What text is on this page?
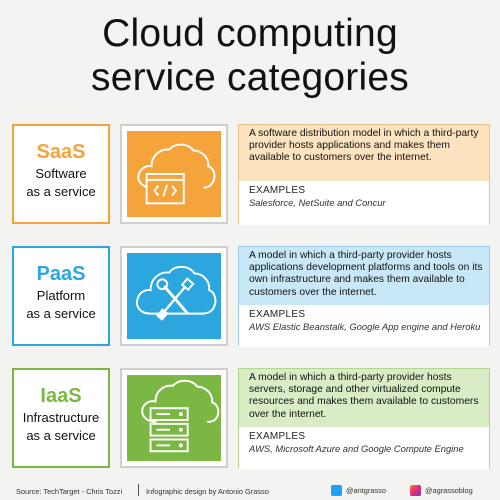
Cloud computing
service categories
SaaS
Software
as a service
A software distribution model in which a third-party provider hosts applications and makes them available to customers over the internet.
EXAMPLES
Salesforce, NetSuite and Concur
PaaS
Platform
as a service
A model in which a third-party provider hosts applications development platforms and tools on its own infrastructure and makes them available to customers over the internet.
EXAMPLES
AWS Elastic Beanstalk, Google App engine and Heroku
IaaS
Infrastructure
as a service
A model in which a third-party provider hosts servers, storage and other virtualized compute resources and makes them available to customers over the internet.
EXAMPLES
AWS, Microsoft Azure and Google Compute Engine
Source: TechTarget - Chris Tozzi	Infographic design by Antonio Grasso	@antgrasso	@agrassoblog
